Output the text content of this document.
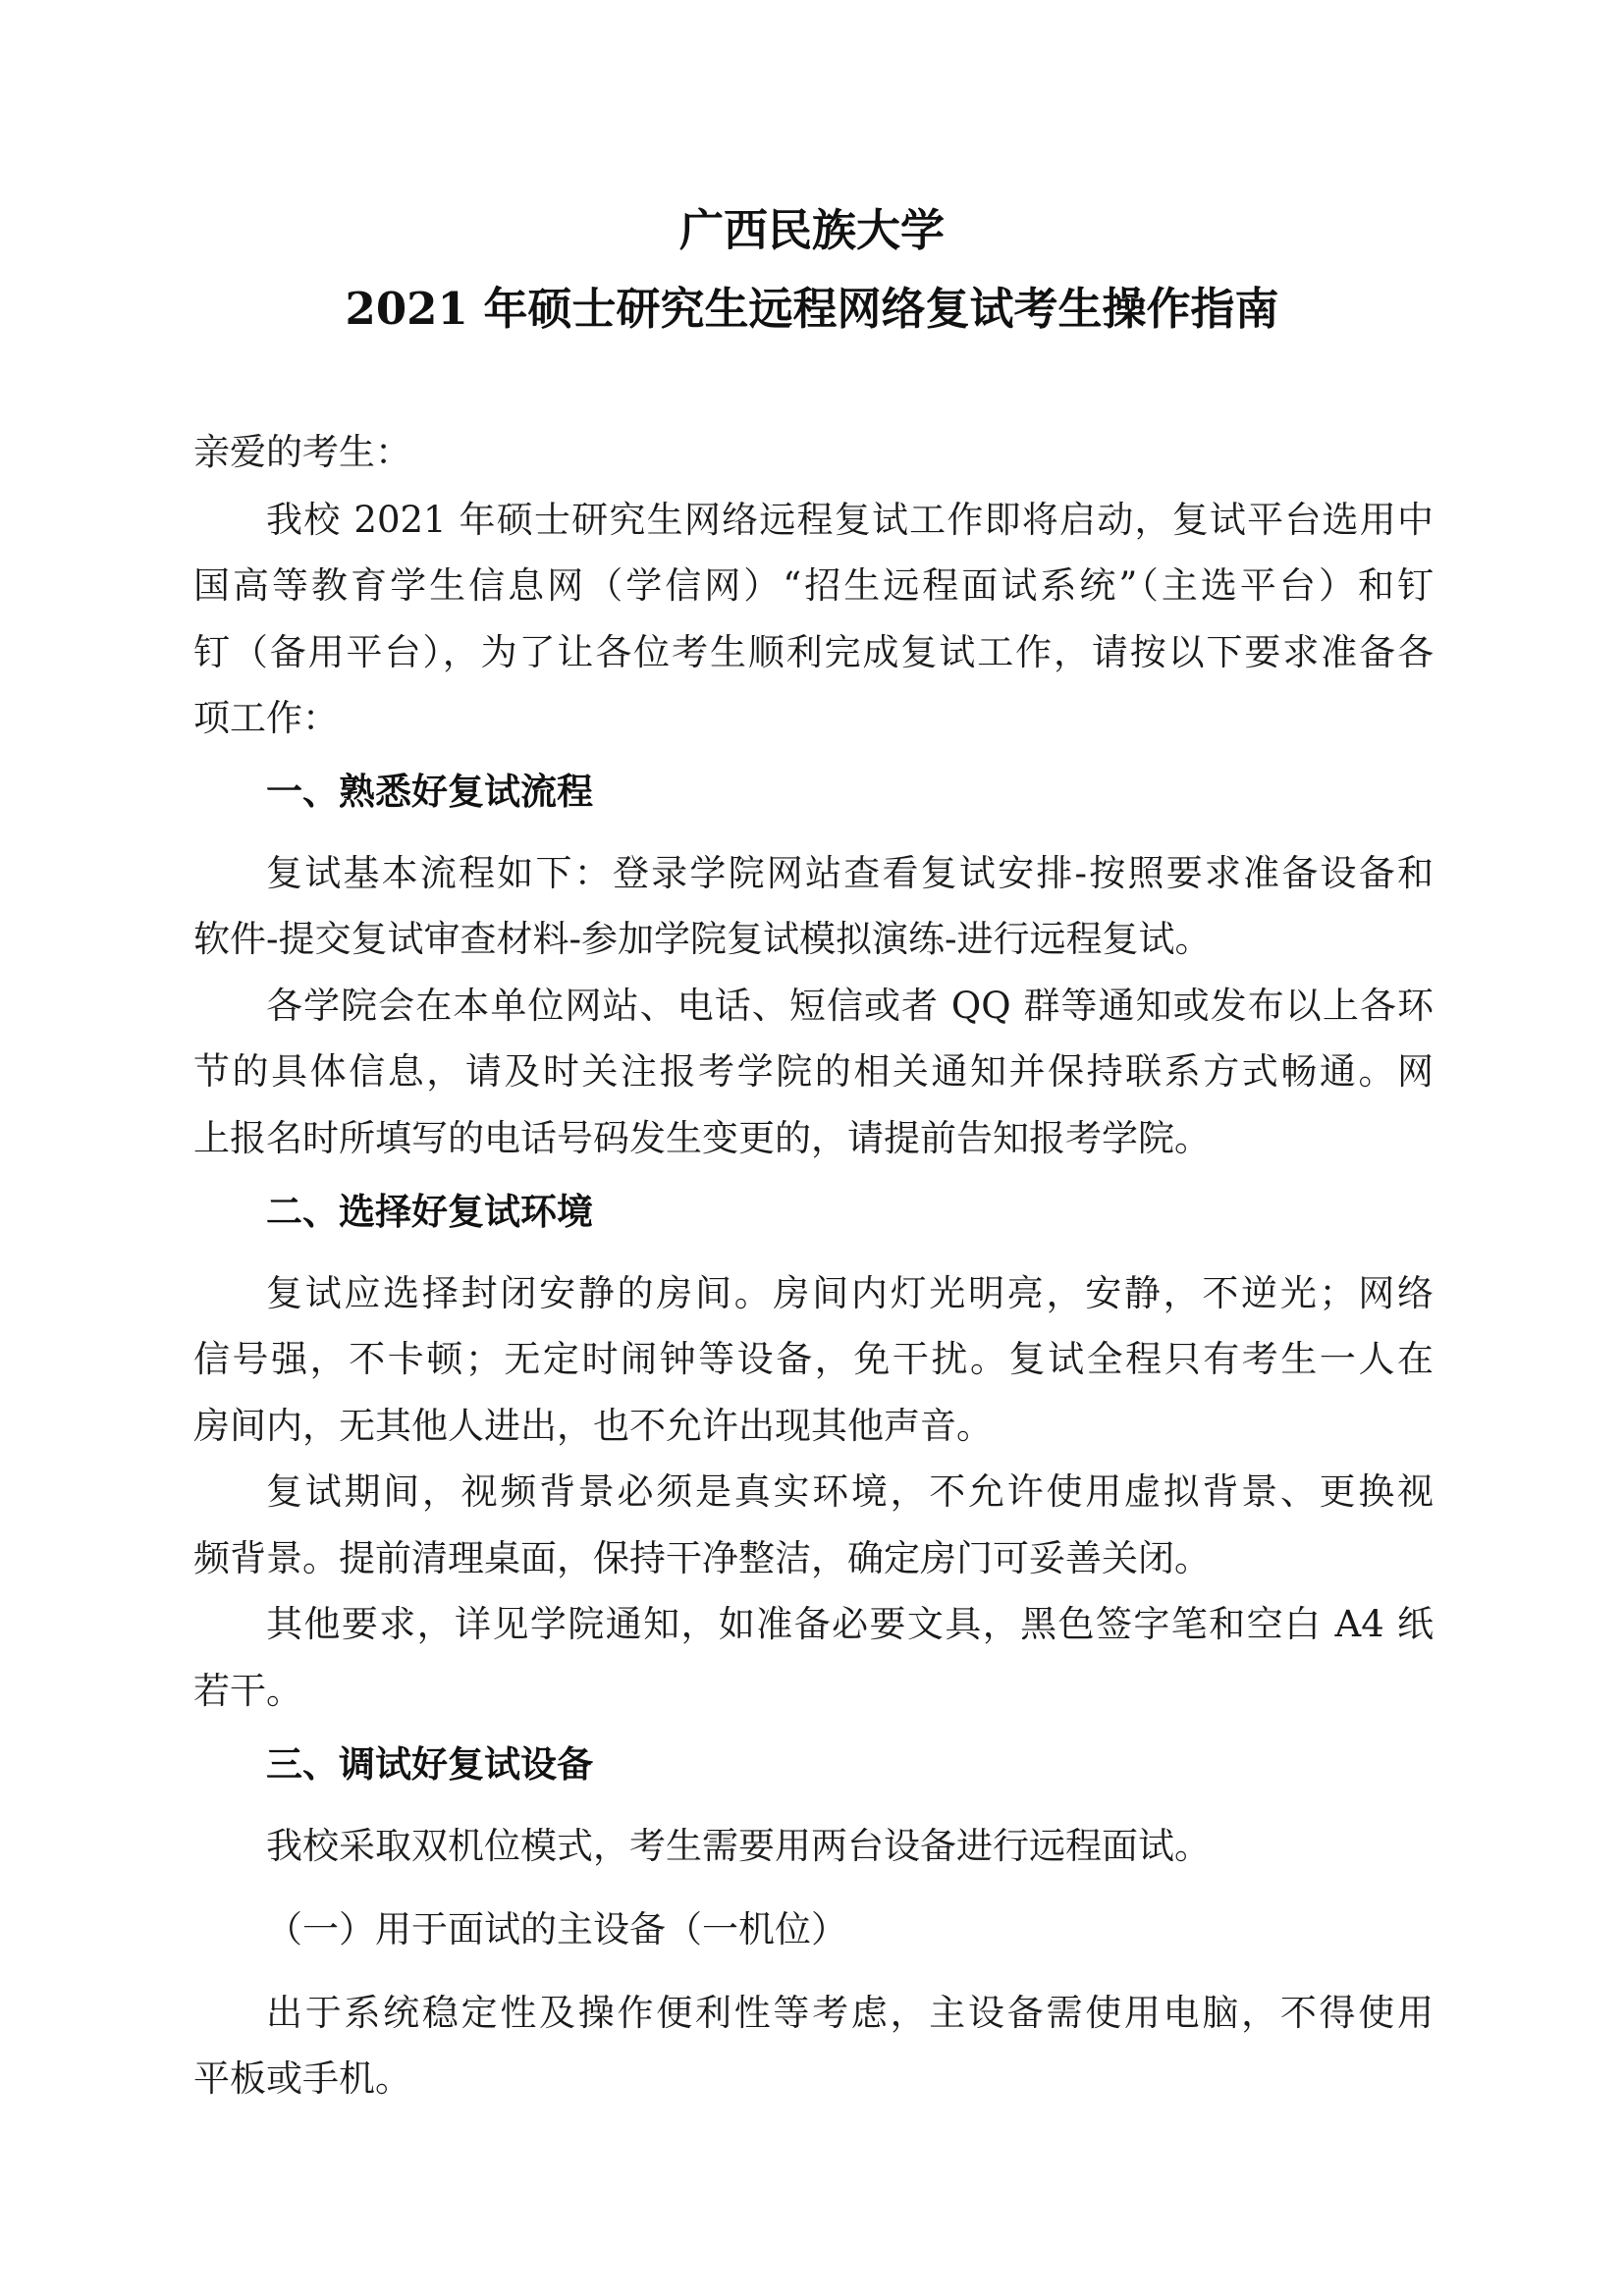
广西民族大学
2021 年硕士研究生远程网络复试考生操作指南
亲爱的考生：
我校 2021 年硕士研究生网络远程复试工作即将启动，复试平台选用中
国高等教育学生信息网（学信网）“招生远程面试系统”（主选平台）和钉
钉（备用平台），为了让各位考生顺利完成复试工作，请按以下要求准备各
项工作：
一、熟悉好复试流程
复试基本流程如下：登录学院网站查看复试安排-按照要求准备设备和
软件-提交复试审查材料-参加学院复试模拟演练-进行远程复试。
各学院会在本单位网站、电话、短信或者 QQ 群等通知或发布以上各环
节的具体信息，请及时关注报考学院的相关通知并保持联系方式畅通。网
上报名时所填写的电话号码发生变更的，请提前告知报考学院。
二、选择好复试环境
复试应选择封闭安静的房间。房间内灯光明亮，安静，不逆光；网络
信号强，不卡顿；无定时闹钟等设备，免干扰。复试全程只有考生一人在
房间内，无其他人进出，也不允许出现其他声音。
复试期间，视频背景必须是真实环境，不允许使用虚拟背景、更换视
频背景。提前清理桌面，保持干净整洁，确定房门可妥善关闭。
其他要求，详见学院通知，如准备必要文具，黑色签字笔和空白 A4 纸
若干。
三、调试好复试设备
我校采取双机位模式，考生需要用两台设备进行远程面试。
（一）用于面试的主设备（一机位）
出于系统稳定性及操作便利性等考虑，主设备需使用电脑，不得使用
平板或手机。
